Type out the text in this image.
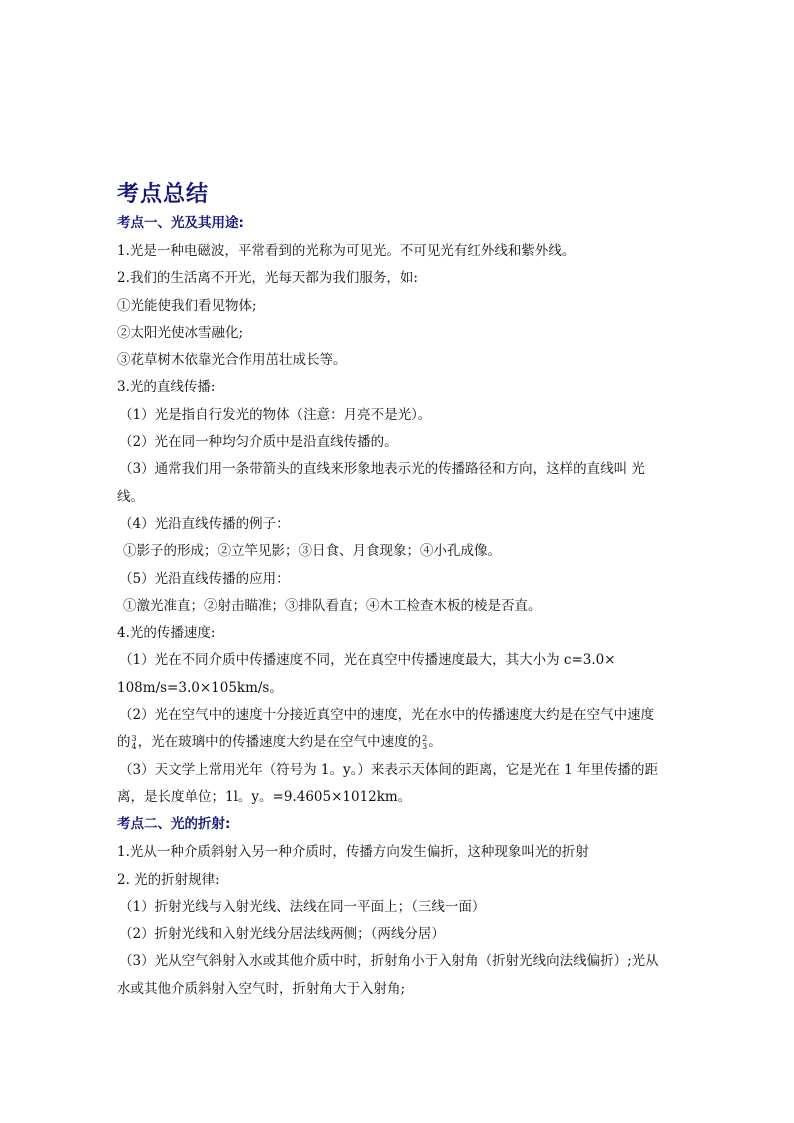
考点总结
考点一、光及其用途:

1.光是一种电磁波，平常看到的光称为可见光。不可见光有红外线和紫外线。

2.我们的生活离不开光，光每天都为我们服务，如:

①光能使我们看见物体;

②太阳光使冰雪融化;

③花草树木依靠光合作用茁壮成长等。

3.光的直线传播:

（1）光是指自行发光的物体（注意：月亮不是光）。

（2）光在同一种均匀介质中是沿直线传播的。

（3）通常我们用一条带箭头的直线来形象地表示光的传播路径和方向，这样的直线叫 光

线。

（4）光沿直线传播的例子：

①影子的形成；②立竿见影；③日食、月食现象；④小孔成像。

（5）光沿直线传播的应用：

①激光准直；②射击瞄准；③排队看直；④木工检查木板的棱是否直。

4.光的传播速度:

（1）光在不同介质中传播速度不同，光在真空中传播速度最大，其大小为 c=3.0×

108m/s=3.0×105km/s。

（2）光在空气中的速度十分接近真空中的速度，光在水中的传播速度大约是在空气中速度

的 3
4 ，光在玻璃中的传播速度大约是在空气中速度的 2
3 。

（3）天文学上常用光年（符号为 1。y。）来表示天体间的距离，它是光在 1 年里传播的距

离，是长度单位；1l。y。=9.4605×1012km。

考点二、光的折射:

1.光从一种介质斜射入另一种介质时，传播方向发生偏折，这种现象叫光的折射

2. 光的折射规律:

（1）折射光线与入射光线、法线在同一平面上；（三线一面）

（2）折射光线和入射光线分居法线两侧；（两线分居）

（3）光从空气斜射入水或其他介质中时，折射角小于入射角（折射光线向法线偏折）;光从

水或其他介质斜射入空气时，折射角大于入射角;
